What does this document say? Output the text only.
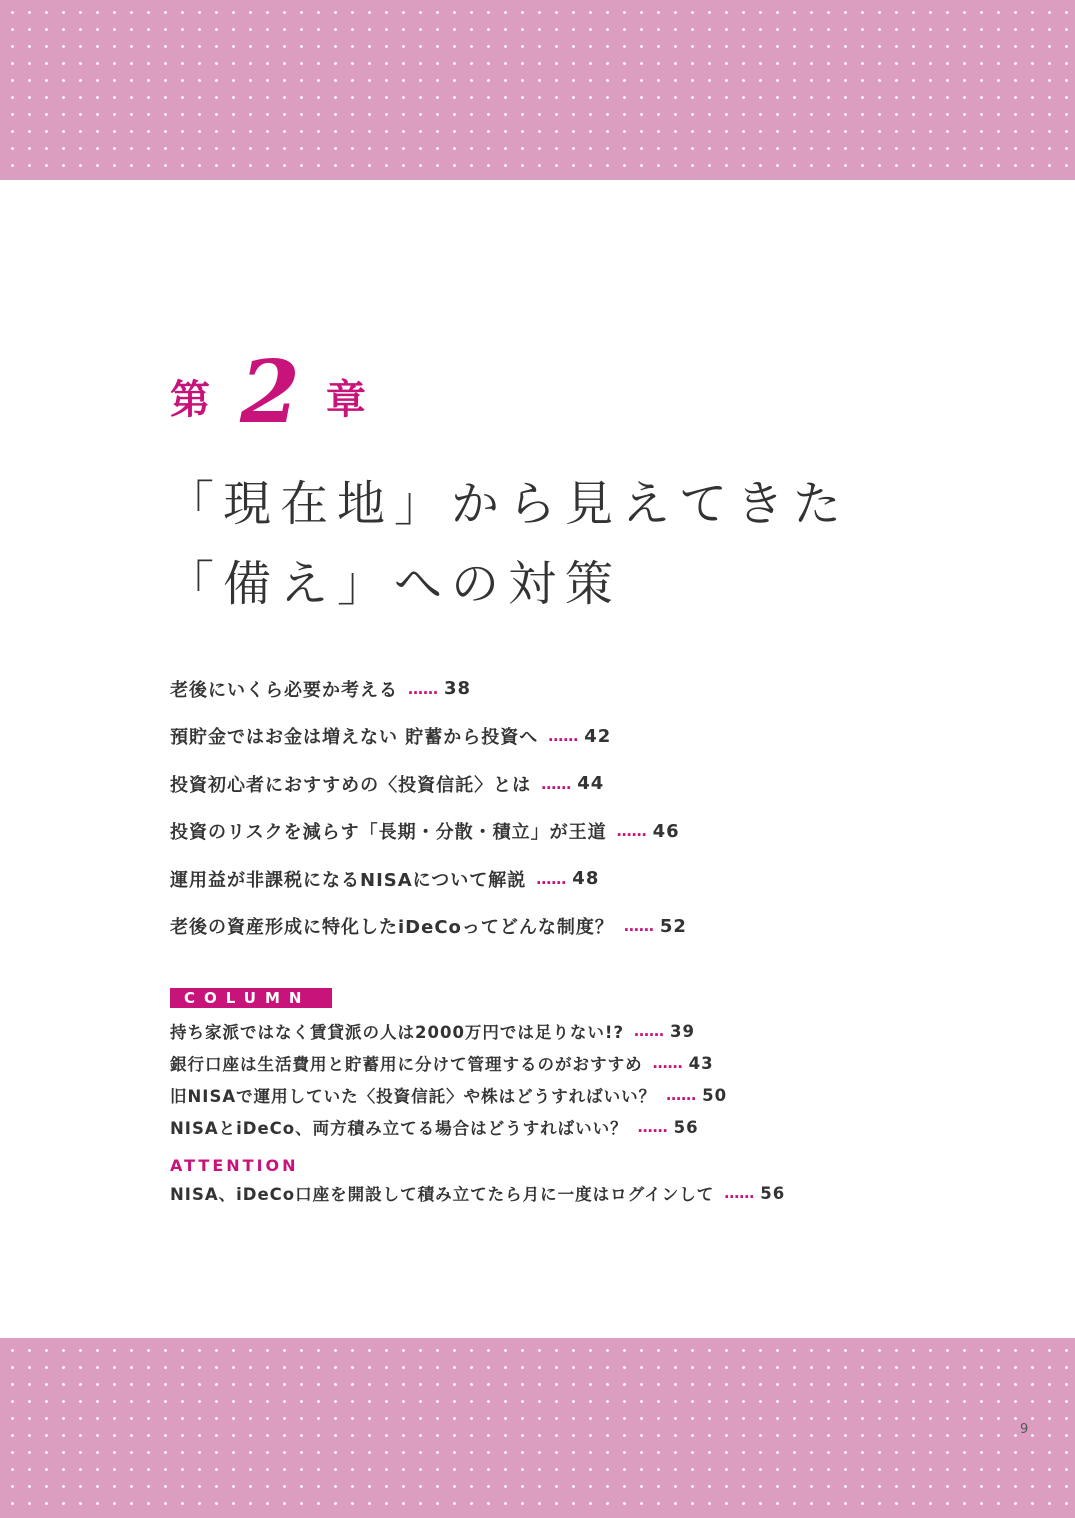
第 2 章
「現在地」から見えてきた
「備え」への対策
老後にいくら必要か考える …… 38
預貯金ではお金は増えない 貯蓄から投資へ …… 42
投資初心者におすすめの〈投資信託〉とは …… 44
投資のリスクを減らす「長期・分散・積立」が王道 …… 46
運用益が非課税になるNISAについて解説 …… 48
老後の資産形成に特化したiDeCoってどんな制度？ …… 52
COLUMN
持ち家派ではなく賃貸派の人は2000万円では足りない!? …… 39
銀行口座は生活費用と貯蓄用に分けて管理するのがおすすめ …… 43
旧NISAで運用していた〈投資信託〉や株はどうすればいい？ …… 50
NISAとiDeCo、両方積み立てる場合はどうすればいい？ …… 56
ATTENTION
NISA、iDeCo口座を開設して積み立てたら月に一度はログインして …… 56
9
